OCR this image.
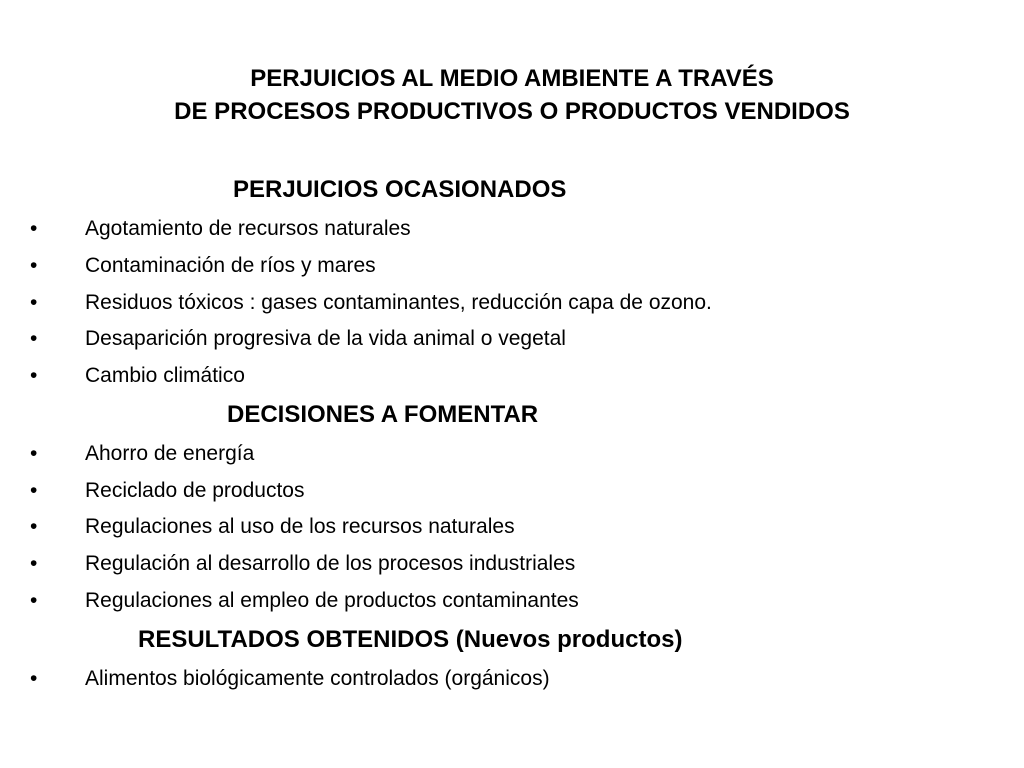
PERJUICIOS AL MEDIO AMBIENTE A TRAVÉS
DE PROCESOS PRODUCTIVOS O PRODUCTOS VENDIDOS
PERJUICIOS OCASIONADOS
• Agotamiento de recursos naturales
• Contaminación de ríos y mares
• Residuos tóxicos : gases contaminantes, reducción capa de ozono.
• Desaparición progresiva de la vida animal o vegetal
• Cambio climático
DECISIONES A FOMENTAR
• Ahorro de energía
• Reciclado de productos
• Regulaciones al uso de los recursos naturales
• Regulación al desarrollo de los procesos industriales
• Regulaciones al empleo de productos contaminantes
RESULTADOS OBTENIDOS (Nuevos productos)
• Alimentos biológicamente controlados (orgánicos)
